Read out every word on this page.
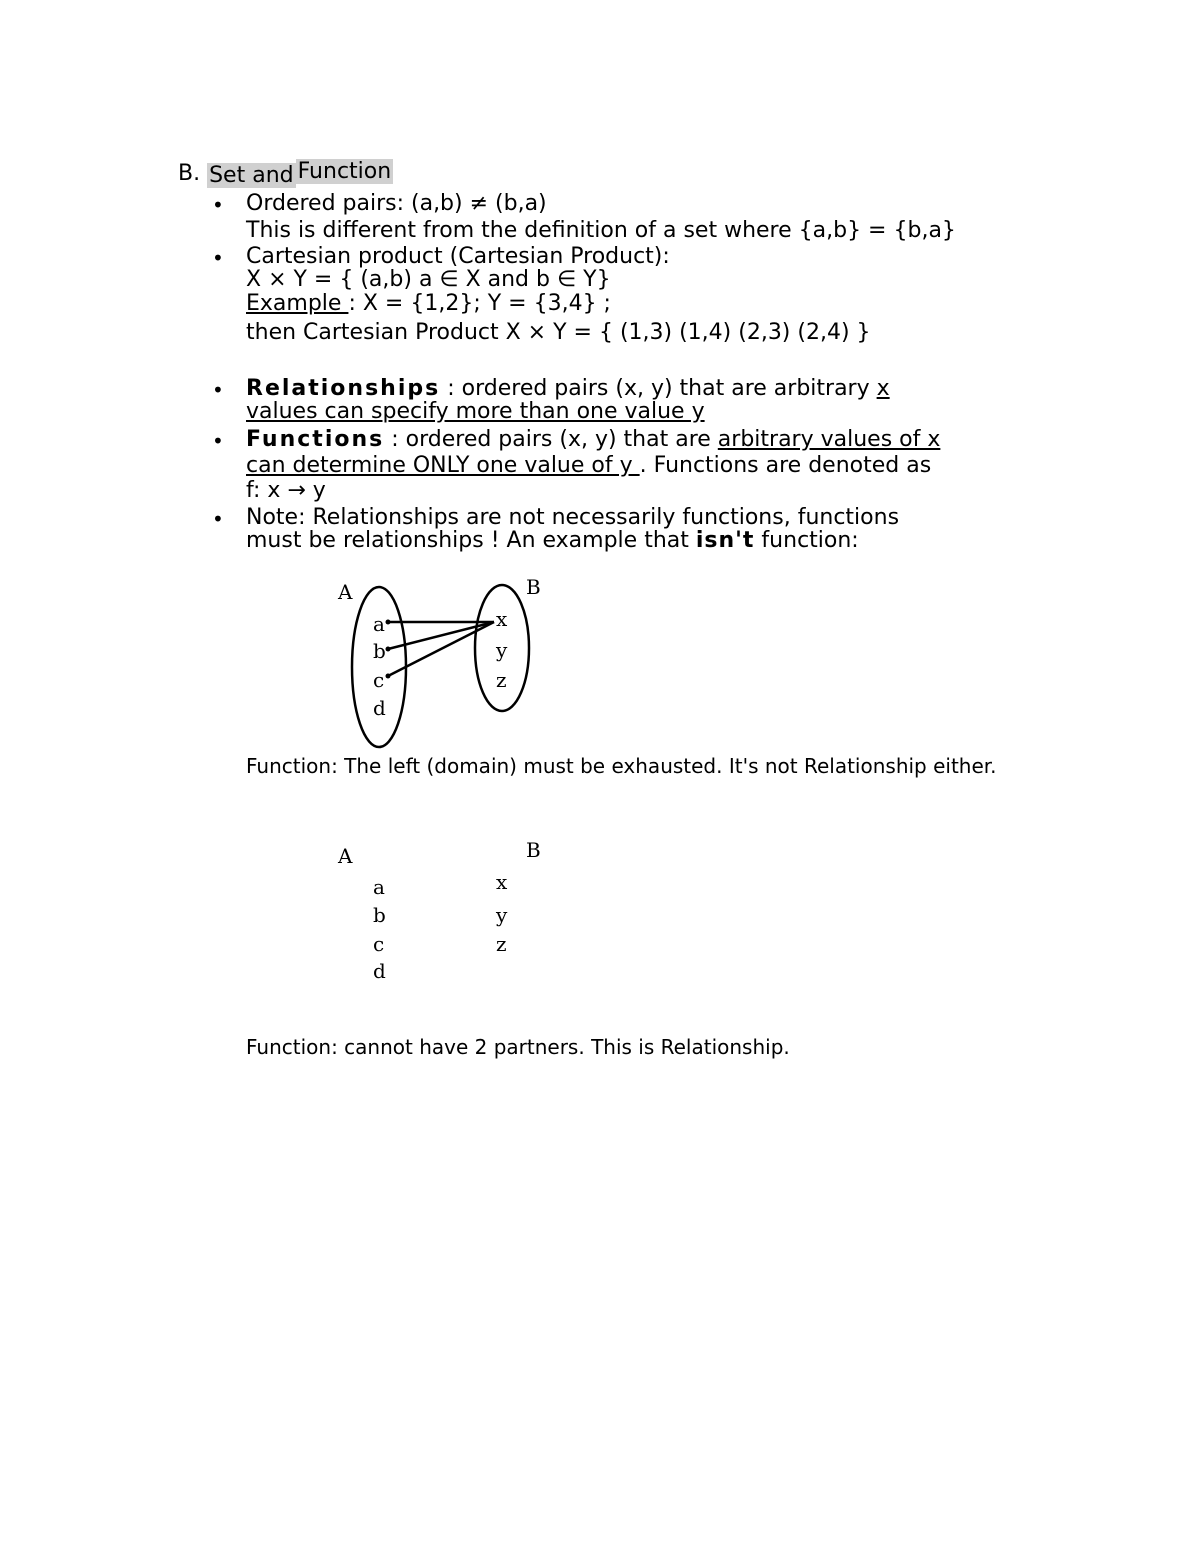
B. Set and Function
• Ordered pairs: (a,b) ≠ (b,a)
This is different from the definition of a set where {a,b} = {b,a}
• Cartesian product (Cartesian Product):
X × Y = { (a,b) a ∈ X and b ∈ Y}
Example : X = {1,2}; Y = {3,4} ;
then Cartesian Product X × Y = { (1,3) (1,4) (2,3) (2,4) }
• Relationships : ordered pairs (x, y) that are arbitrary x
values can specify more than one value y
• Functions : ordered pairs (x, y) that are arbitrary values of x
can determine ONLY one value of y . Functions are denoted as
f: x → y
• Note: Relationships are not necessarily functions, functions
must be relationships ! An example that isn't function:
A	B
a
b
c
d
x
y
z
Function: The left (domain) must be exhausted. It's not Relationship either.
A	B
a
b
c
d
x
y
z
Function: cannot have 2 partners. This is Relationship.
